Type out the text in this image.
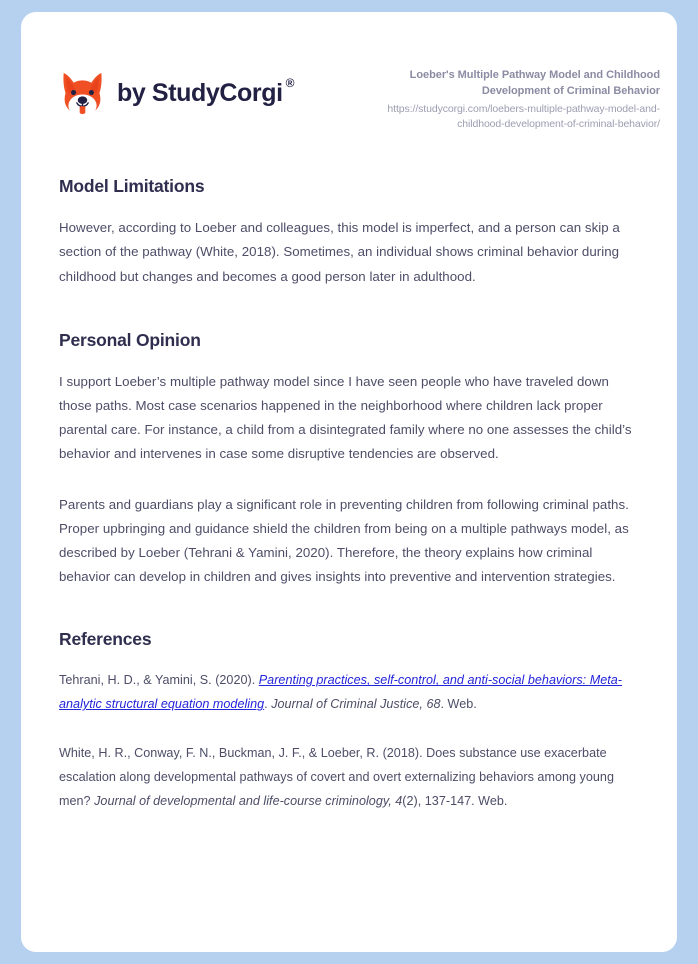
by StudyCorgi ®
Loeber's Multiple Pathway Model and Childhood Development of Criminal Behavior
https://studycorgi.com/loebers-multiple-pathway-model-and-childhood-development-of-criminal-behavior/
Model Limitations

However, according to Loeber and colleagues, this model is imperfect, and a person can skip a section of the pathway (White, 2018). Sometimes, an individual shows criminal behavior during childhood but changes and becomes a good person later in adulthood.

Personal Opinion

I support Loeber’s multiple pathway model since I have seen people who have traveled down those paths. Most case scenarios happened in the neighborhood where children lack proper parental care. For instance, a child from a disintegrated family where no one assesses the child’s behavior and intervenes in case some disruptive tendencies are observed.

Parents and guardians play a significant role in preventing children from following criminal paths. Proper upbringing and guidance shield the children from being on a multiple pathways model, as described by Loeber (Tehrani & Yamini, 2020). Therefore, the theory explains how criminal behavior can develop in children and gives insights into preventive and intervention strategies.

References

Tehrani, H. D., & Yamini, S. (2020). Parenting practices, self-control, and anti-social behaviors: Meta-analytic structural equation modeling. Journal of Criminal Justice, 68. Web.

White, H. R., Conway, F. N., Buckman, J. F., & Loeber, R. (2018). Does substance use exacerbate escalation along developmental pathways of covert and overt externalizing behaviors among young men? Journal of developmental and life-course criminology, 4(2), 137-147. Web.
